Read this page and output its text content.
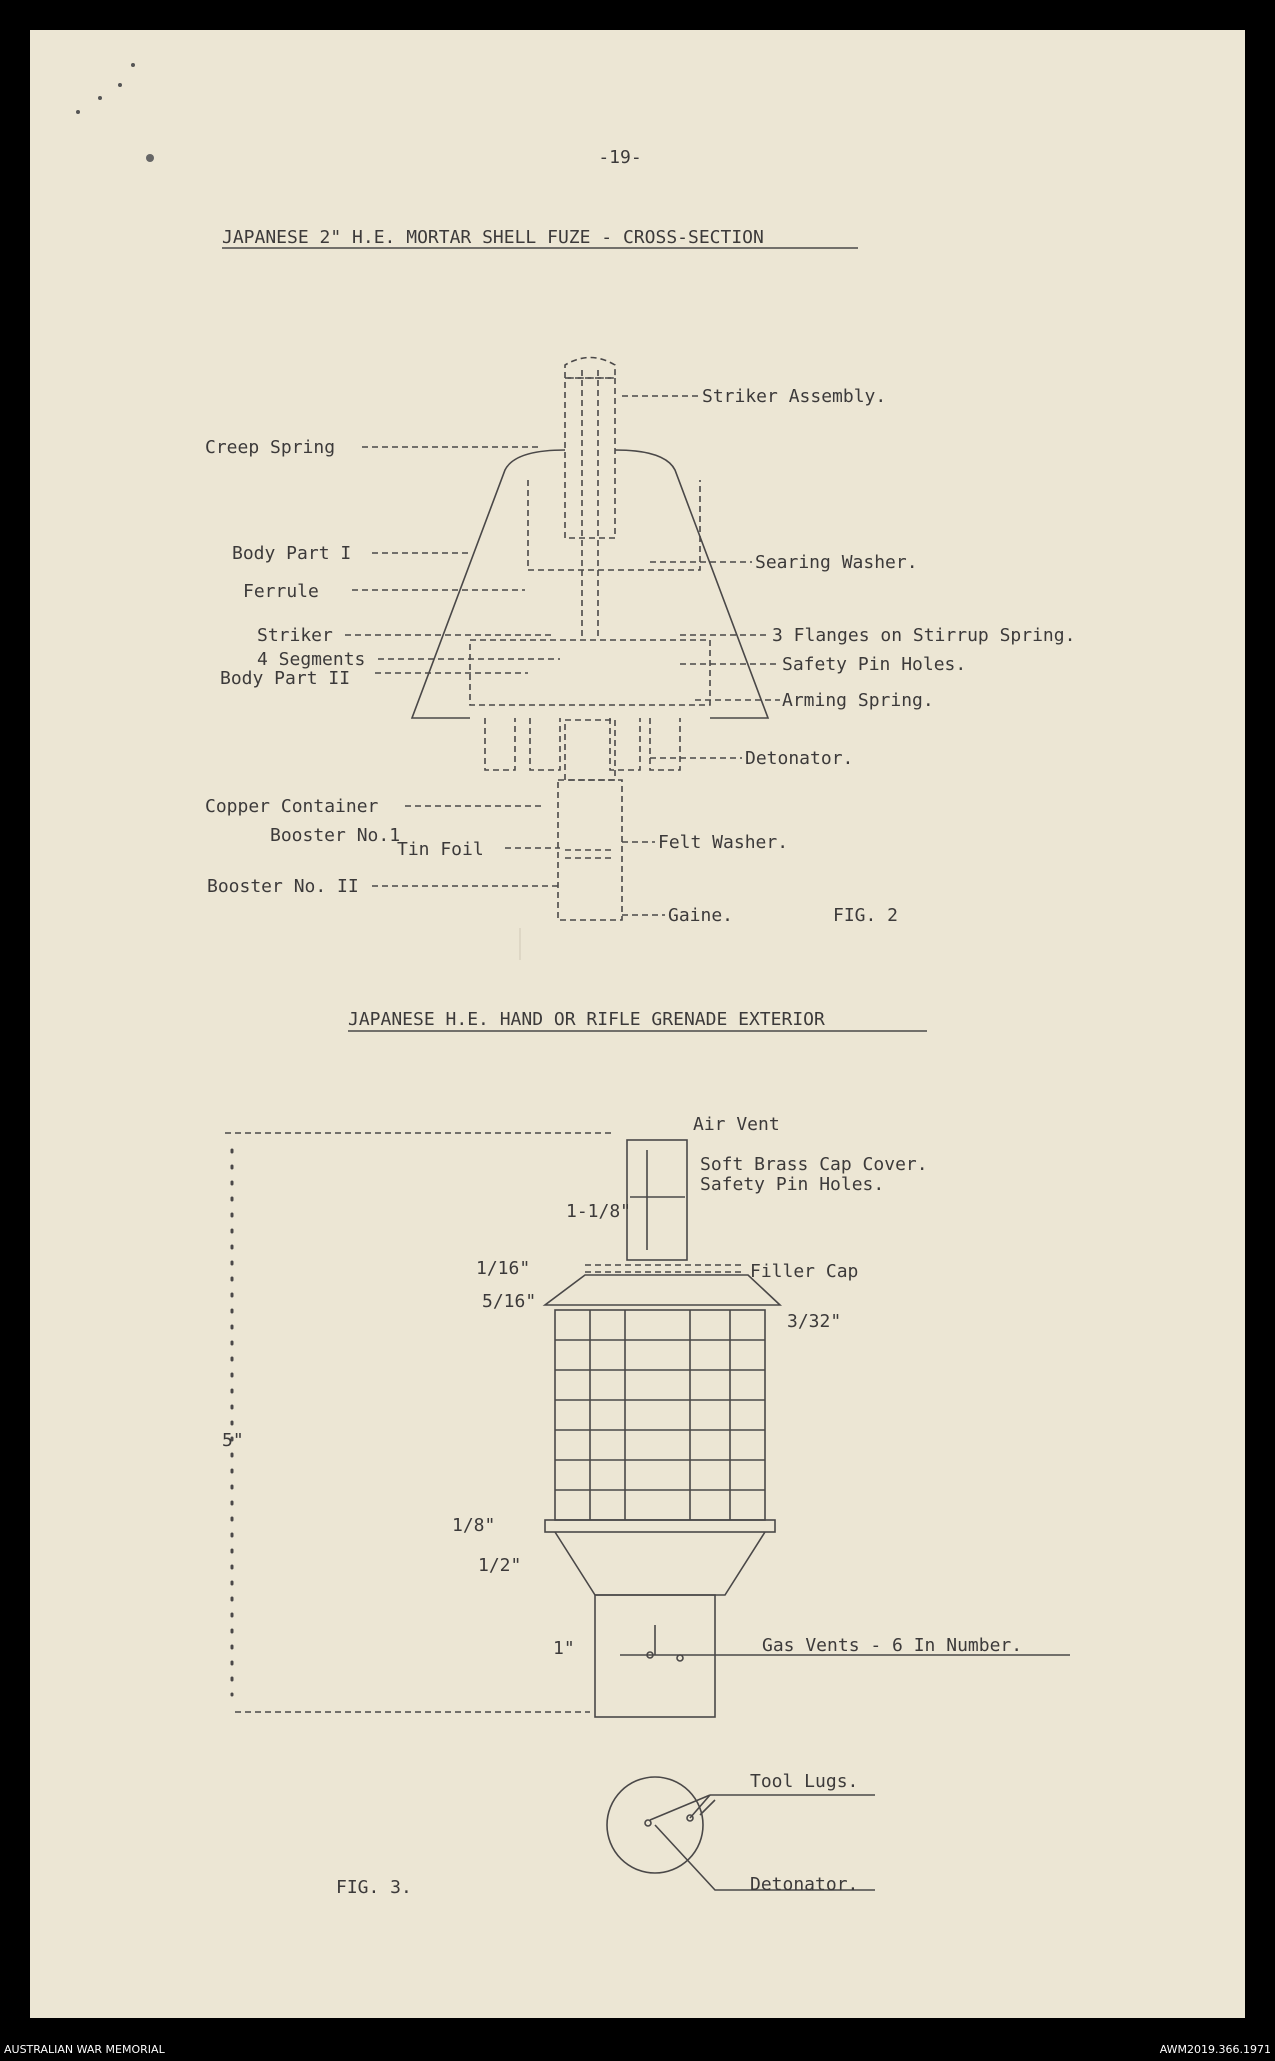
-19-
JAPANESE 2" H.E. MORTAR SHELL FUZE - CROSS-SECTION
Creep Spring
Body Part I
Ferrule
Striker
4 Segments
Body Part II
Copper Container
Booster No.1
Tin Foil
Booster No. II
Striker Assembly.
Searing Washer.
3 Flanges on Stirrup Spring.
Safety Pin Holes.
Arming Spring.
Detonator.
Felt Washer.
Gaine.	FIG. 2
JAPANESE H.E. HAND OR RIFLE GRENADE EXTERIOR
Air Vent
Soft Brass Cap Cover.
Safety Pin Holes.
Filler Cap
Gas Vents - 6 In Number.
Tool Lugs.
Detonator.
FIG. 3.
1-1/8"
1/16"
5/16"
3/32"
5"
1/8"
1/2"
1"
AUSTRALIAN WAR MEMORIAL	AWM2019.366.1971
